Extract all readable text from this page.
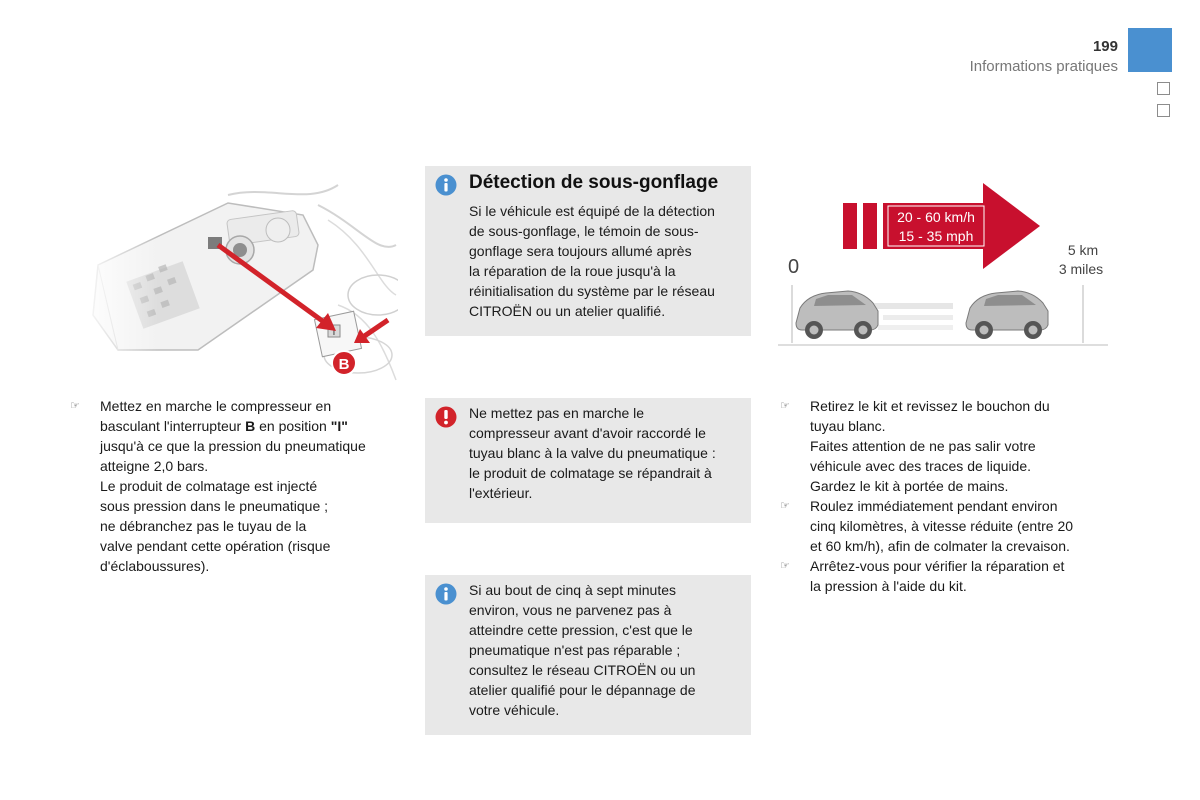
199
Informations pratiques
☞ Mettez en marche le compresseur en
basculant l'interrupteur B en position "I"
jusqu'à ce que la pression du pneumatique
atteigne 2,0 bars.
Le produit de colmatage est injecté
sous pression dans le pneumatique ;
ne débranchez pas le tuyau de la
valve pendant cette opération (risque
d'éclaboussures).
Détection de sous-gonflage
Si le véhicule est équipé de la détection
de sous-gonflage, le témoin de sous-
gonflage sera toujours allumé après
la réparation de la roue jusqu'à la
réinitialisation du système par le réseau
CITROËN ou un atelier qualifié.
Ne mettez pas en marche le
compresseur avant d'avoir raccordé le
tuyau blanc à la valve du pneumatique :
le produit de colmatage se répandrait à
l'extérieur.
Si au bout de cinq à sept minutes
environ, vous ne parvenez pas à
atteindre cette pression, c'est que le
pneumatique n'est pas réparable ;
consultez le réseau CITROËN ou un
atelier qualifié pour le dépannage de
votre véhicule.
20 - 60 km/h
15 - 35 mph
0
5 km
3 miles
☞ Retirez le kit et revissez le bouchon du
tuyau blanc.
Faites attention de ne pas salir votre
véhicule avec des traces de liquide.
Gardez le kit à portée de mains.
☞ Roulez immédiatement pendant environ
cinq kilomètres, à vitesse réduite (entre 20
et 60 km/h), afin de colmater la crevaison.
☞ Arrêtez-vous pour vérifier la réparation et
la pression à l'aide du kit.
